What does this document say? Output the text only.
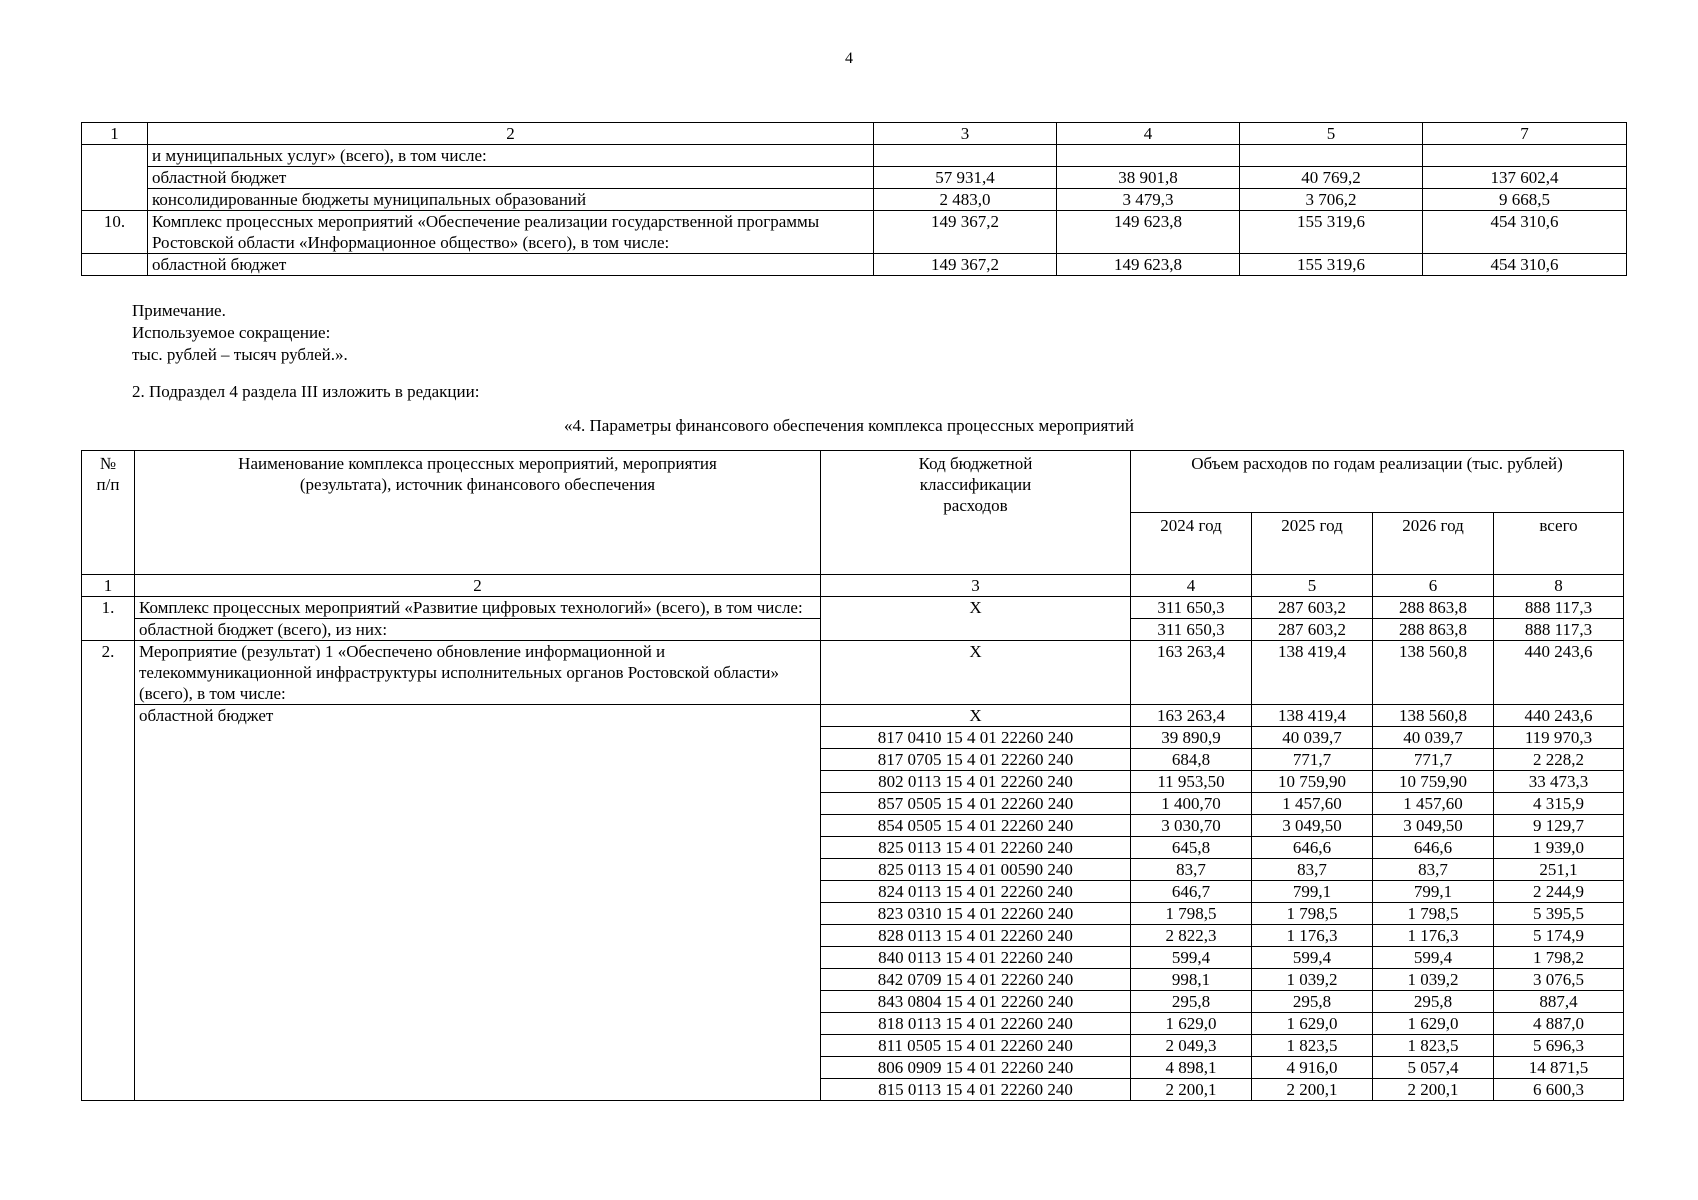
4
1	2	3	4	5	7
	и муниципальных услуг» (всего), в том числе:				
	областной бюджет	57 931,4	38 901,8	40 769,2	137 602,4
	консолидированные бюджеты муниципальных образований	2 483,0	3 479,3	3 706,2	9 668,5
10.	Комплекс процессных мероприятий «Обеспечение реализации государственной программы Ростовской области «Информационное общество» (всего), в том числе:	149 367,2	149 623,8	155 319,6	454 310,6
	областной бюджет	149 367,2	149 623,8	155 319,6	454 310,6
Примечание.
Используемое сокращение:
тыс. рублей – тысяч рублей.».
2. Подраздел 4 раздела III изложить в редакции:
«4. Параметры финансового обеспечения комплекса процессных мероприятий
№ п/п	Наименование комплекса процессных мероприятий, мероприятия (результата), источник финансового обеспечения	Код бюджетной классификации расходов	Объем расходов по годам реализации (тыс. рублей)			
			2024 год	2025 год	2026 год	всего
1	2	3	4	5	6	8
1.	Комплекс процессных мероприятий «Развитие цифровых технологий» (всего), в том числе:	X	311 650,3	287 603,2	288 863,8	888 117,3
	областной бюджет (всего), из них:		311 650,3	287 603,2	288 863,8	888 117,3
2.	Мероприятие (результат) 1 «Обеспечено обновление информационной и телекоммуникационной инфраструктуры исполнительных органов Ростовской области» (всего), в том числе:	X	163 263,4	138 419,4	138 560,8	440 243,6
	областной бюджет	X	163 263,4	138 419,4	138 560,8	440 243,6
		817 0410 15 4 01 22260 240	39 890,9	40 039,7	40 039,7	119 970,3
		817 0705 15 4 01 22260 240	684,8	771,7	771,7	2 228,2
		802 0113 15 4 01 22260 240	11 953,50	10 759,90	10 759,90	33 473,3
		857 0505 15 4 01 22260 240	1 400,70	1 457,60	1 457,60	4 315,9
		854 0505 15 4 01 22260 240	3 030,70	3 049,50	3 049,50	9 129,7
		825 0113 15 4 01 22260 240	645,8	646,6	646,6	1 939,0
		825 0113 15 4 01 00590 240	83,7	83,7	83,7	251,1
		824 0113 15 4 01 22260 240	646,7	799,1	799,1	2 244,9
		823 0310 15 4 01 22260 240	1 798,5	1 798,5	1 798,5	5 395,5
		828 0113 15 4 01 22260 240	2 822,3	1 176,3	1 176,3	5 174,9
		840 0113 15 4 01 22260 240	599,4	599,4	599,4	1 798,2
		842 0709 15 4 01 22260 240	998,1	1 039,2	1 039,2	3 076,5
		843 0804 15 4 01 22260 240	295,8	295,8	295,8	887,4
		818 0113 15 4 01 22260 240	1 629,0	1 629,0	1 629,0	4 887,0
		811 0505 15 4 01 22260 240	2 049,3	1 823,5	1 823,5	5 696,3
		806 0909 15 4 01 22260 240	4 898,1	4 916,0	5 057,4	14 871,5
		815 0113 15 4 01 22260 240	2 200,1	2 200,1	2 200,1	6 600,3
